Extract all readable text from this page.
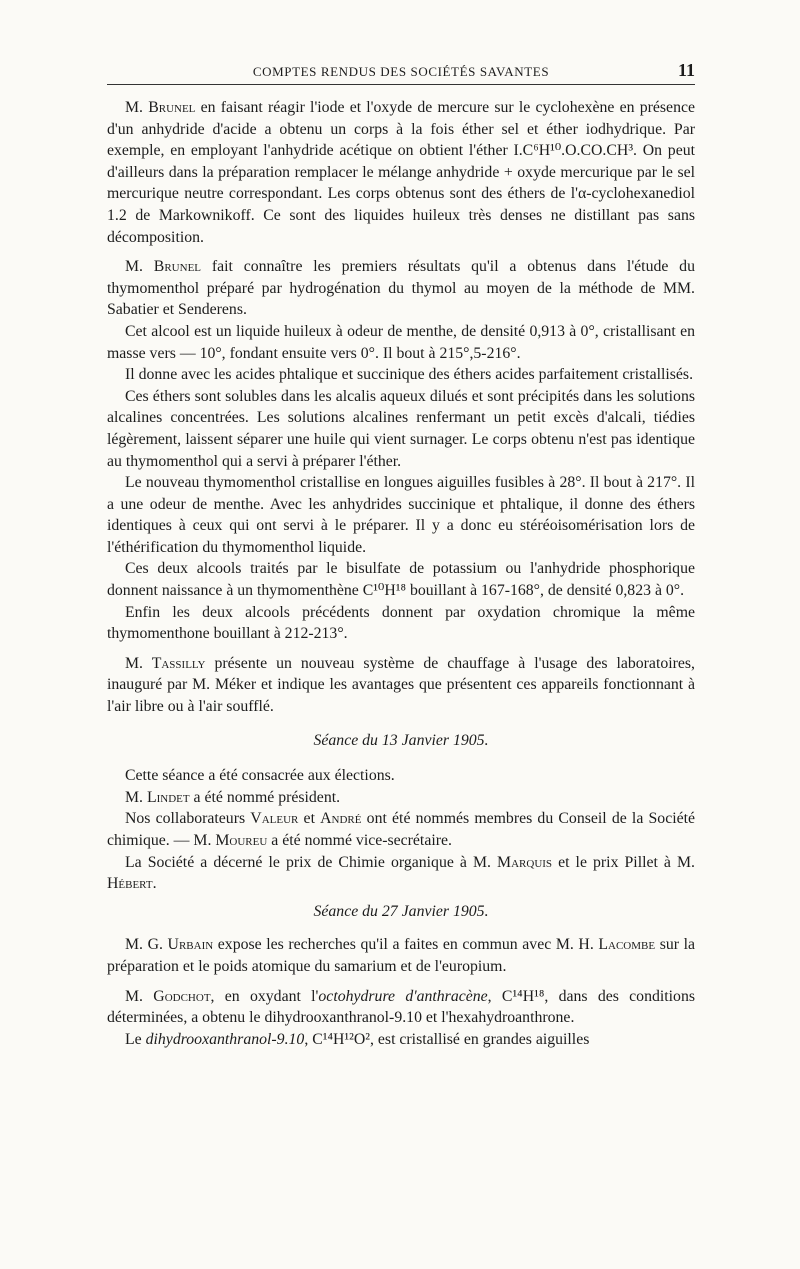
COMPTES RENDUS DES SOCIÉTÉS SAVANTES	11

M. Brunel en faisant réagir l'iode et l'oxyde de mercure sur le cyclohexène en présence d'un anhydride d'acide a obtenu un corps à la fois éther sel et éther iodhydrique. Par exemple, en employant l'anhydride acétique on obtient l'éther I.C⁶H¹⁰.O.CO.CH³. On peut d'ailleurs dans la préparation remplacer le mélange anhydride + oxyde mercurique par le sel mercurique neutre correspondant. Les corps obtenus sont des éthers de l'α-cyclohexanediol 1.2 de Markownikoff. Ce sont des liquides huileux très denses ne distillant pas sans décomposition.

M. Brunel fait connaître les premiers résultats qu'il a obtenus dans l'étude du thymomenthol préparé par hydrogénation du thymol au moyen de la méthode de MM. Sabatier et Senderens.

Cet alcool est un liquide huileux à odeur de menthe, de densité 0,913 à 0°, cristallisant en masse vers — 10°, fondant ensuite vers 0°. Il bout à 215°,5-216°.

Il donne avec les acides phtalique et succinique des éthers acides parfaitement cristallisés.

Ces éthers sont solubles dans les alcalis aqueux dilués et sont précipités dans les solutions alcalines concentrées. Les solutions alcalines renfermant un petit excès d'alcali, tiédies légèrement, laissent séparer une huile qui vient surnager. Le corps obtenu n'est pas identique au thymomenthol qui a servi à préparer l'éther.

Le nouveau thymomenthol cristallise en longues aiguilles fusibles à 28°. Il bout à 217°. Il a une odeur de menthe. Avec les anhydrides succinique et phtalique, il donne des éthers identiques à ceux qui ont servi à le préparer. Il y a donc eu stéréoisomérisation lors de l'éthérification du thymomenthol liquide.

Ces deux alcools traités par le bisulfate de potassium ou l'anhydride phosphorique donnent naissance à un thymomenthène C¹⁰H¹⁸ bouillant à 167-168°, de densité 0,823 à 0°.

Enfin les deux alcools précédents donnent par oxydation chromique la même thymomenthone bouillant à 212-213°.

M. Tassilly présente un nouveau système de chauffage à l'usage des laboratoires, inauguré par M. Méker et indique les avantages que présentent ces appareils fonctionnant à l'air libre ou à l'air soufflé.

Séance du 13 Janvier 1905.

Cette séance a été consacrée aux élections.

M. Lindet a été nommé président.

Nos collaborateurs Valeur et André ont été nommés membres du Conseil de la Société chimique. — M. Moureu a été nommé vice-secrétaire.

La Société a décerné le prix de Chimie organique à M. Marquis et le prix Pillet à M. Hébert.

Séance du 27 Janvier 1905.

M. G. Urbain expose les recherches qu'il a faites en commun avec M. H. Lacombe sur la préparation et le poids atomique du samarium et de l'europium.

M. Godchot, en oxydant l'octohydrure d'anthracène, C¹⁴H¹⁸, dans des conditions déterminées, a obtenu le dihydrooxanthranol-9.10 et l'hexahydroanthrone.

Le dihydrooxanthranol-9.10, C¹⁴H¹²O², est cristallisé en grandes aiguilles
